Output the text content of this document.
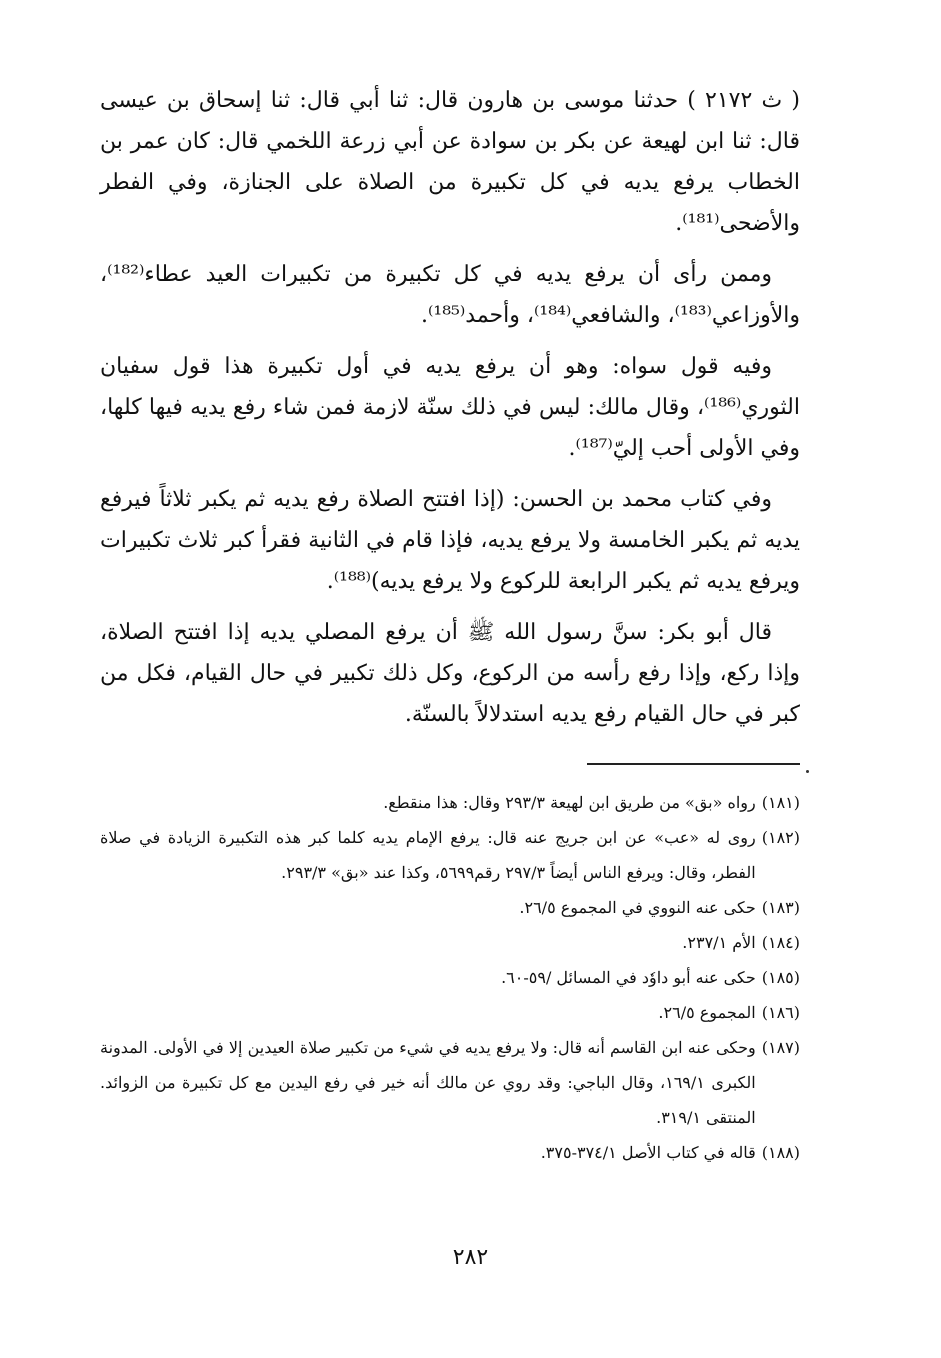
( ث ٢١٧٢ ) حدثنا موسى بن هارون قال: ثنا أبي قال: ثنا إسحاق بن عيسى قال: ثنا ابن لهيعة عن بكر بن سوادة عن أبي زرعة اللخمي قال: كان عمر بن الخطاب يرفع يديه في كل تكبيرة من الصلاة على الجنازة، وفي الفطر والأضحى⁽¹⁸¹⁾.

وممن رأى أن يرفع يديه في كل تكبيرة من تكبيرات العيد عطاء⁽¹⁸²⁾، والأوزاعي⁽¹⁸³⁾، والشافعي⁽¹⁸⁴⁾، وأحمد⁽¹⁸⁵⁾.

وفيه قول سواه: وهو أن يرفع يديه في أول تكبيرة هذا قول سفيان الثوري⁽¹⁸⁶⁾، وقال مالك: ليس في ذلك سنّة لازمة فمن شاء رفع يديه فيها كلها، وفي الأولى أحب إليّ⁽¹⁸⁷⁾.

وفي كتاب محمد بن الحسن: (إذا افتتح الصلاة رفع يديه ثم يكبر ثلاثاً فيرفع يديه ثم يكبر الخامسة ولا يرفع يديه، فإذا قام في الثانية فقرأ كبر ثلاث تكبيرات ويرفع يديه ثم يكبر الرابعة للركوع ولا يرفع يديه)⁽¹⁸⁸⁾.

قال أبو بكر: سنَّ رسول الله ﷺ أن يرفع المصلي يديه إذا افتتح الصلاة، وإذا ركع، وإذا رفع رأسه من الركوع، وكل ذلك تكبير في حال القيام، فكل من كبر في حال القيام رفع يديه استدلالاً بالسنّة.

(١٨١)
رواه «بق» من طريق ابن لهيعة ٢٩٣/٣ وقال: هذا منقطع.
(١٨٢)
روى له «عب» عن ابن جريج عنه قال: يرفع الإمام يديه كلما كبر هذه التكبيرة الزيادة في صلاة الفطر، وقال: ويرفع الناس أيضاً ٢٩٧/٣ رقم٥٦٩٩، وكذا عند «بق» ٢٩٣/٣.
(١٨٣)
حكى عنه النووي في المجموع ٢٦/٥.
(١٨٤)
الأم ٢٣٧/١.
(١٨٥)
حكى عنه أبو داوٗد في المسائل /٥٩-٦٠.
(١٨٦)
المجموع ٢٦/٥.
(١٨٧)
وحكى عنه ابن القاسم أنه قال: ولا يرفع يديه في شيء من تكبير صلاة العيدين إلا في الأولى. المدونة الكبرى ١٦٩/١، وقال الباجي: وقد روي عن مالك أنه خير في رفع اليدين مع كل تكبيرة من الزوائد. المنتقى ٣١٩/١.
(١٨٨)
قاله في كتاب الأصل ٣٧٤/١-٣٧٥.
٢٨٢
